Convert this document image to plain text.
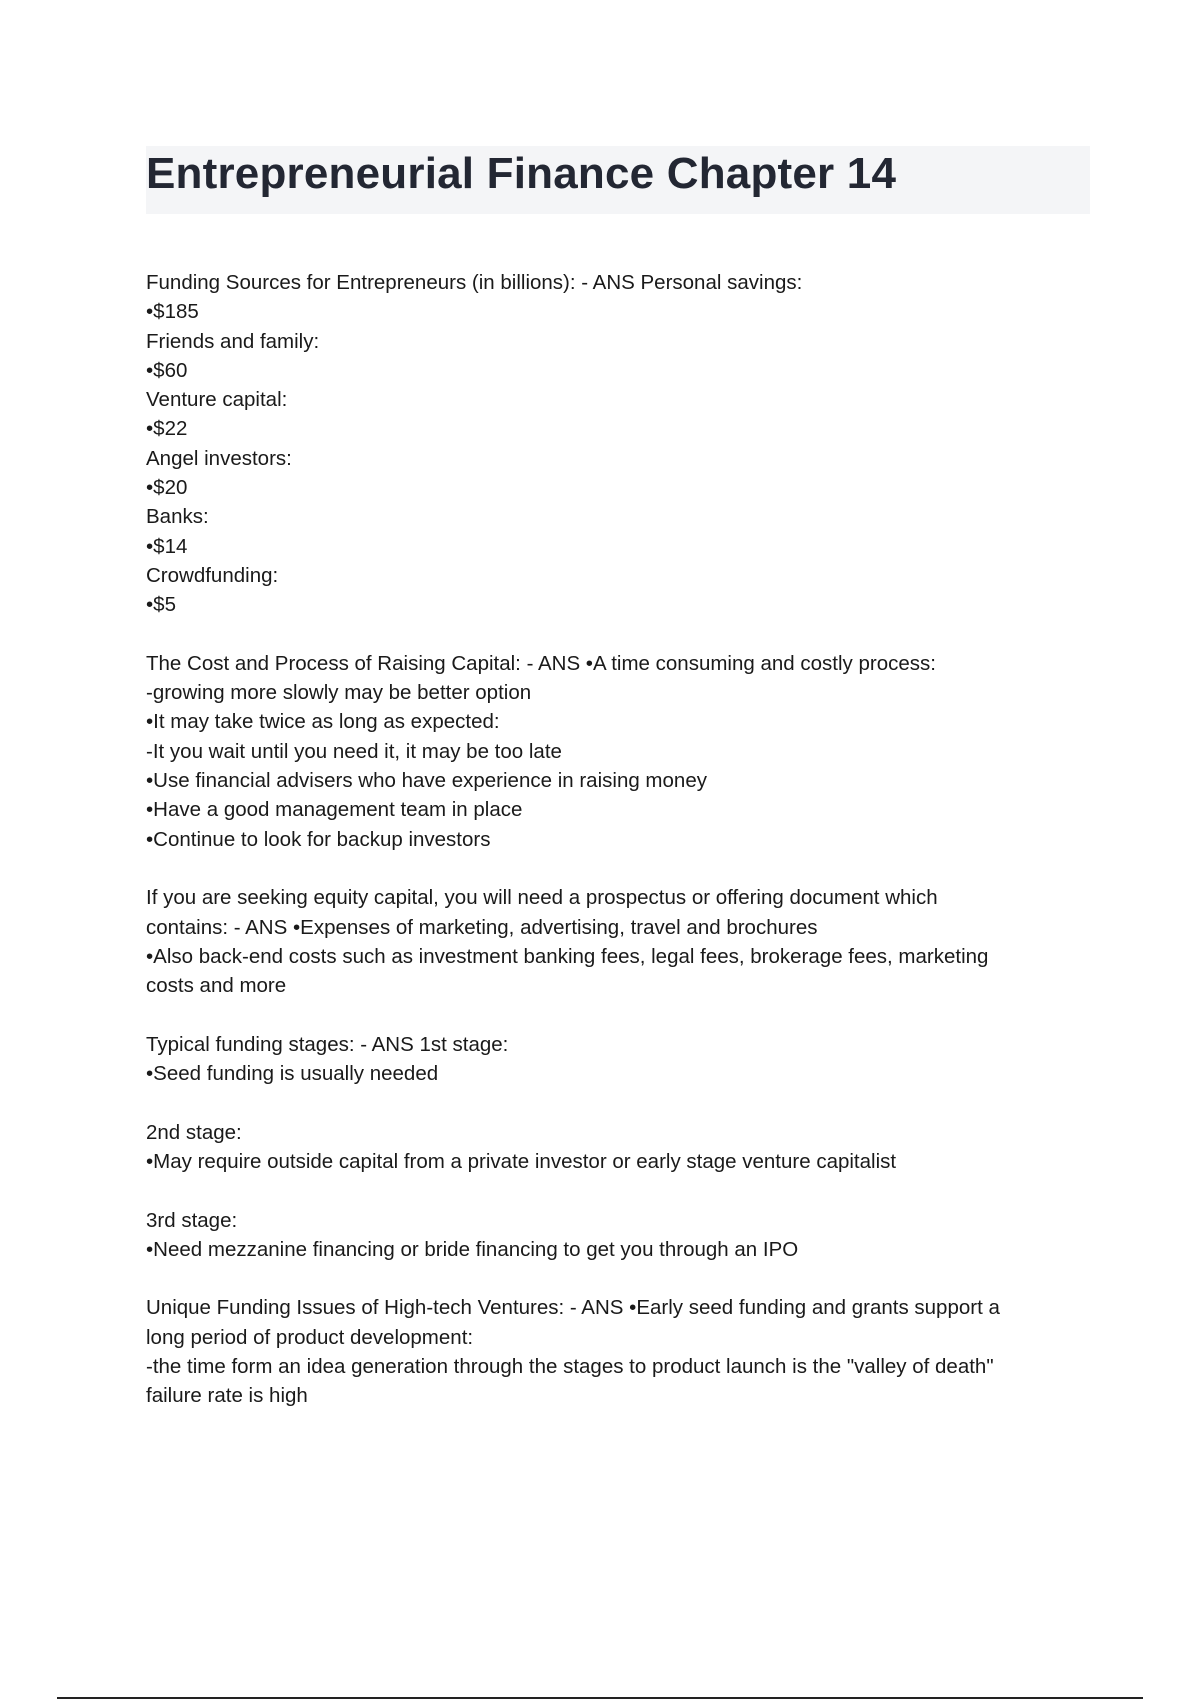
Entrepreneurial Finance Chapter 14
Funding Sources for Entrepreneurs (in billions): - ANS Personal savings:
•$185
Friends and family:
•$60
Venture capital:
•$22
Angel investors:
•$20
Banks:
•$14
Crowdfunding:
•$5
The Cost and Process of Raising Capital: - ANS •A time consuming and costly process:
-growing more slowly may be better option
•It may take twice as long as expected:
-It you wait until you need it, it may be too late
•Use financial advisers who have experience in raising money
•Have a good management team in place
•Continue to look for backup investors
If you are seeking equity capital, you will need a prospectus or offering document which
contains: - ANS •Expenses of marketing, advertising, travel and brochures
•Also back-end costs such as investment banking fees, legal fees, brokerage fees, marketing
costs and more
Typical funding stages: - ANS 1st stage:
•Seed funding is usually needed
2nd stage:
•May require outside capital from a private investor or early stage venture capitalist
3rd stage:
•Need mezzanine financing or bride financing to get you through an IPO
Unique Funding Issues of High-tech Ventures: - ANS •Early seed funding and grants support a
long period of product development:
-the time form an idea generation through the stages to product launch is the "valley of death"
failure rate is high
